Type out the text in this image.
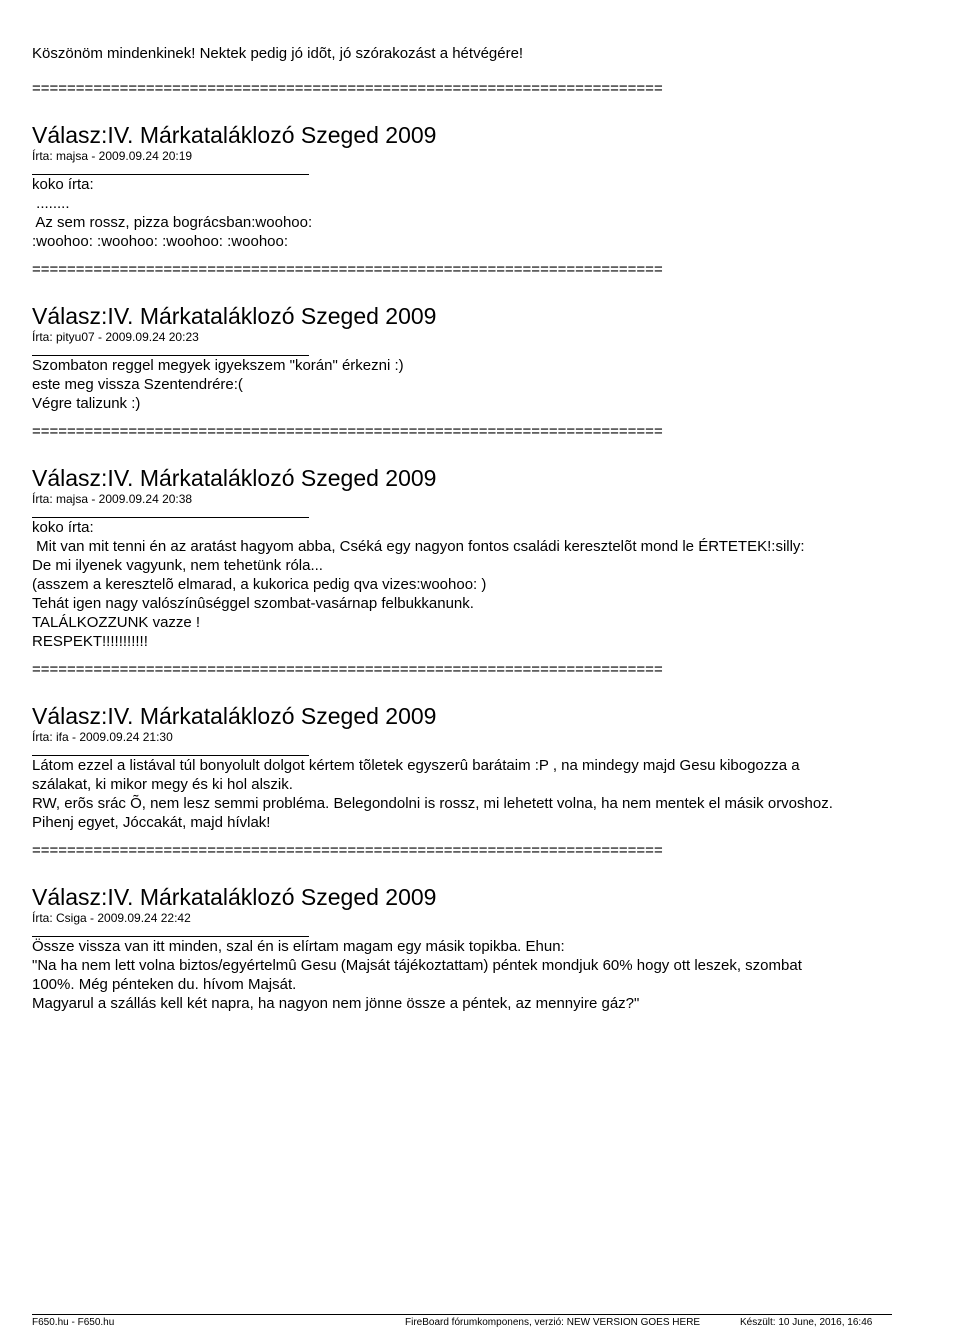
Köszönöm mindenkinek! Nektek pedig jó idõt, jó szórakozást a hétvégére!
========================================================================
Válasz:IV. Márkataláklozó Szeged 2009
Írta: majsa - 2009.09.24 20:19
koko írta:
........
Az sem rossz, pizza bográcsban:woohoo:
:woohoo: :woohoo: :woohoo: :woohoo:
========================================================================
Válasz:IV. Márkataláklozó Szeged 2009
Írta: pityu07 - 2009.09.24 20:23
Szombaton reggel megyek igyekszem "korán" érkezni :)
este meg vissza Szentendrére:(
Végre talizunk :)
========================================================================
Válasz:IV. Márkataláklozó Szeged 2009
Írta: majsa - 2009.09.24 20:38
koko írta:
Mit van mit tenni én az aratást hagyom abba, Cséká egy nagyon fontos családi keresztelõt mond le ÉRTETEK!:silly:
De mi ilyenek vagyunk, nem tehetünk róla...
(asszem a keresztelõ elmarad, a kukorica pedig qva vizes:woohoo: )
Tehát igen nagy valószínûséggel szombat-vasárnap felbukkanunk.
TALÁLKOZZUNK vazze !
RESPEKT!!!!!!!!!!!
========================================================================
Válasz:IV. Márkataláklozó Szeged 2009
Írta: ifa - 2009.09.24 21:30
Látom ezzel a listával túl bonyolult dolgot kértem tõletek egyszerû barátaim :P , na mindegy majd Gesu kibogozza a
szálakat, ki mikor megy és ki hol alszik.
RW, erõs srác Õ, nem lesz semmi probléma. Belegondolni is rossz, mi lehetett volna, ha nem mentek el másik orvoshoz.
Pihenj egyet, Jóccakát, majd hívlak!
========================================================================
Válasz:IV. Márkataláklozó Szeged 2009
Írta: Csiga - 2009.09.24 22:42
Össze vissza van itt minden, szal én is elírtam magam egy másik topikba. Ehun:
"Na ha nem lett volna biztos/egyértelmû Gesu (Majsát tájékoztattam) péntek mondjuk 60% hogy ott leszek, szombat
100%. Még pénteken du. hívom Majsát.
Magyarul a szállás kell két napra, ha nagyon nem jönne össze a péntek, az mennyire gáz?"
F650.hu - F650.hu	FireBoard fórumkomponens, verzió: NEW VERSION GOES HERE	Készült: 10 June, 2016, 16:46
